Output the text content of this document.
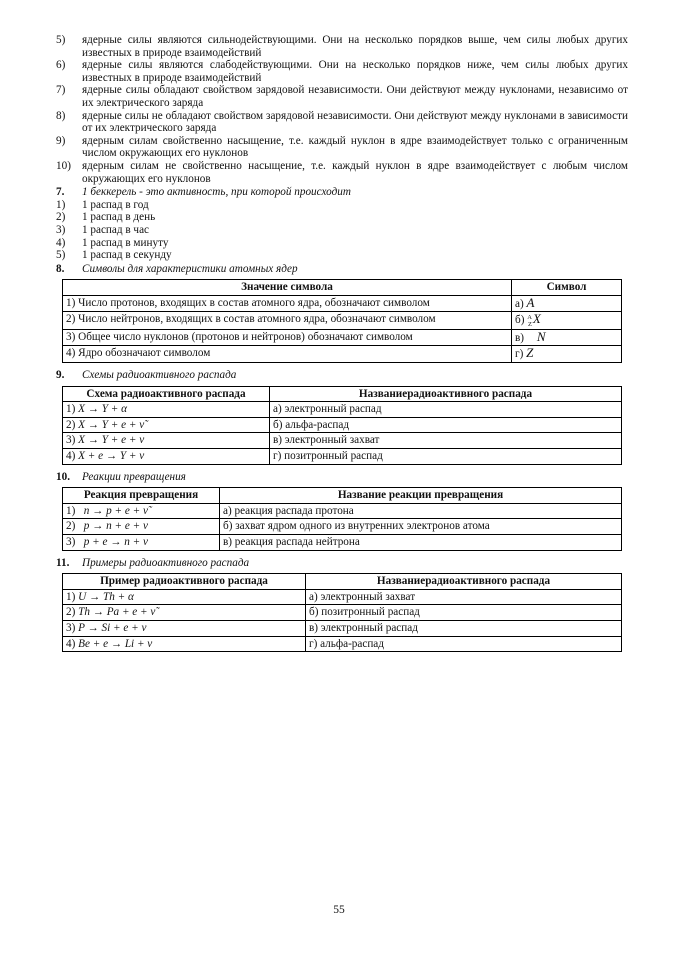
5)	ядерные силы являются сильнодействующими. Они на несколько порядков выше, чем силы любых других известных в природе взаимодействий
6)	ядерные силы являются слабодействующими. Они на несколько порядков ниже, чем силы любых других известных в природе взаимодействий
7)	ядерные силы обладают свойством зарядовой независимости. Они действуют между нуклонами, независимо от их электрического заряда
8)	ядерные силы не обладают свойством зарядовой независимости. Они действуют между нуклонами в зависимости от их электрического заряда
9)	ядерным силам свойственно насыщение, т.е. каждый нуклон в ядре взаимодействует только с ограниченным числом окружающих его нуклонов
10) ядерным силам не свойственно насыщение, т.е. каждый нуклон в ядре взаимодействует с любым числом окружающих его нуклонов
7.	1 беккерель - это активность, при которой происходит
1)	1 распад в год
2)	1 распад в день
3)	1 распад в час
4)	1 распад в минуту
5)	1 распад в секунду
8.	Символы для характеристики атомных ядер
Значение символа	Символ
1) Число протонов, входящих в состав атомного ядра, обозначают символом	а) A
2) Число нейтронов, входящих в состав атомного ядра, обозначают символом	б) A
Z X
3) Общее число нуклонов (протонов и нейтронов) обозначают символом	в) N
4) Ядро обозначают символом	г) Z
9.	Схемы радиоактивного распада
Схема радиоактивного распада	Названиерадиоактивного распада
1) X → Y + α	а) электронный распад
2) X → Y + e + ν̃	б) альфа-распад
3) X → Y + e + ν	в) электронный захват
4) X + e → Y + ν	г) позитронный распад
10.	Реакции превращения
Реакция превращения	Название реакции превращения
1) n → p + e + ν̃	а) реакция распада протона
2) p → n + e + ν	б) захват ядром одного из внутренних электронов атома
3) p + e → n + ν	в) реакция распада нейтрона
11.	Примеры радиоактивного распада
Пример радиоактивного распада	Названиерадиоактивного распада
1) U → Th + α	а) электронный захват
2) Th → Pa + e + ν̃	б) позитронный распад
3) P → Si + e + ν	в) электронный распад
4) Be + e → Li + ν	г) альфа-распад
55
